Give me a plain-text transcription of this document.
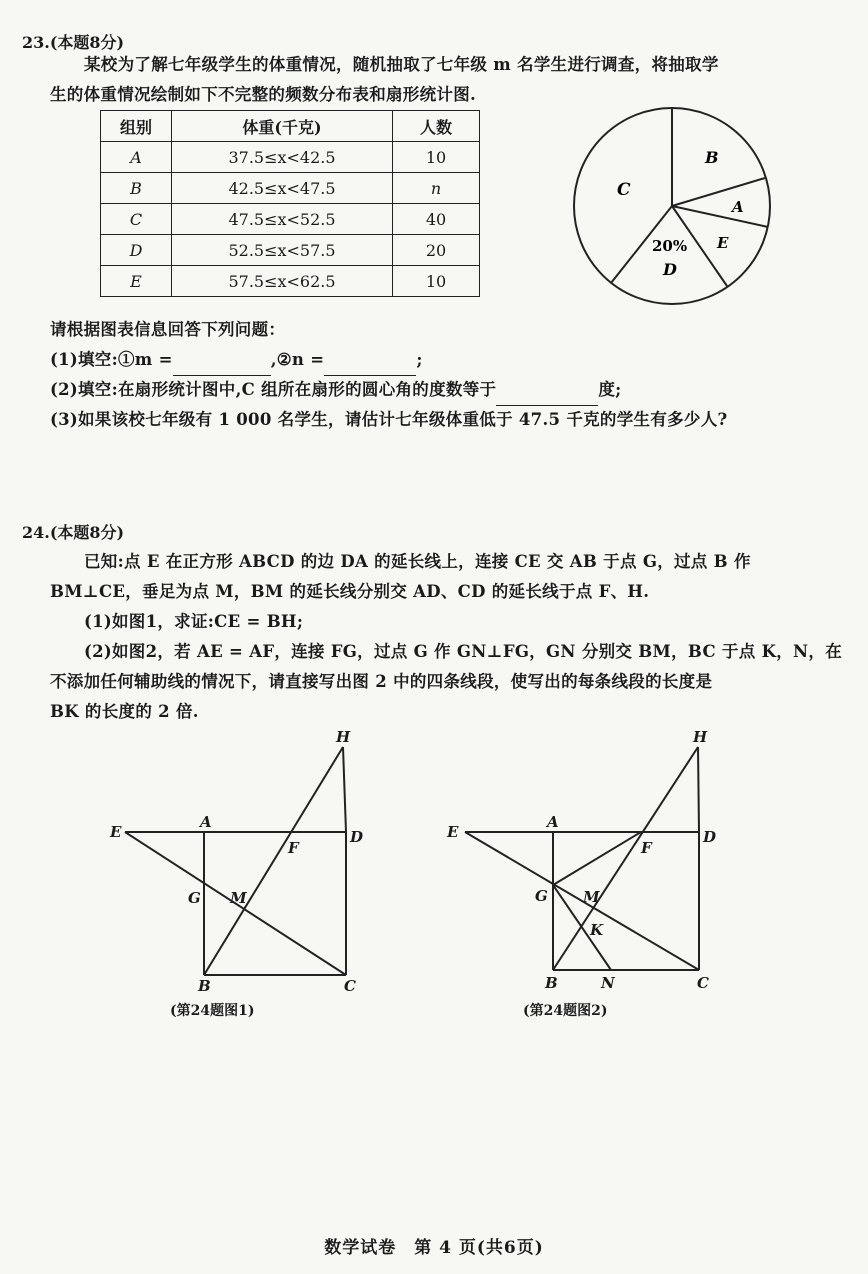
23.(本题8分)
某校为了解七年级学生的体重情况，随机抽取了七年级 m 名学生进行调查，将抽取学
生的体重情况绘制如下不完整的频数分布表和扇形统计图.
组别	体重(千克)	人数
A	37.5≤x<42.5	10
B	42.5≤x<47.5	n
C	47.5≤x<52.5	40
D	52.5≤x<57.5	20
E	57.5≤x<62.5	10
B
C
A
E
20%
D
请根据图表信息回答下列问题：
(1)填空:①m =	,②n =	;
(2)填空:在扇形统计图中,C 组所在扇形的圆心角的度数等于	度;
(3)如果该校七年级有 1 000 名学生，请估计七年级体重低于 47.5 千克的学生有多少人?
24.(本题8分)
已知:点 E 在正方形 ABCD 的边 DA 的延长线上，连接 CE 交 AB 于点 G，过点 B 作
BM⊥CE，垂足为点 M，BM 的延长线分别交 AD、CD 的延长线于点 F、H.
(1)如图1，求证:CE = BH;
(2)如图2，若 AE = AF，连接 FG，过点 G 作 GN⊥FG，GN 分别交 BM，BC 于点 K，N，在
不添加任何辅助线的情况下，请直接写出图 2 中的四条线段，使写出的每条线段的长度是
BK 的长度的 2 倍.
H
A
D
E
F
G M
B	C
(第24题图1)
H
A
D
E
F
G M
K
B	N	C
(第24题图2)
数学试卷　第 4 页(共6页)
